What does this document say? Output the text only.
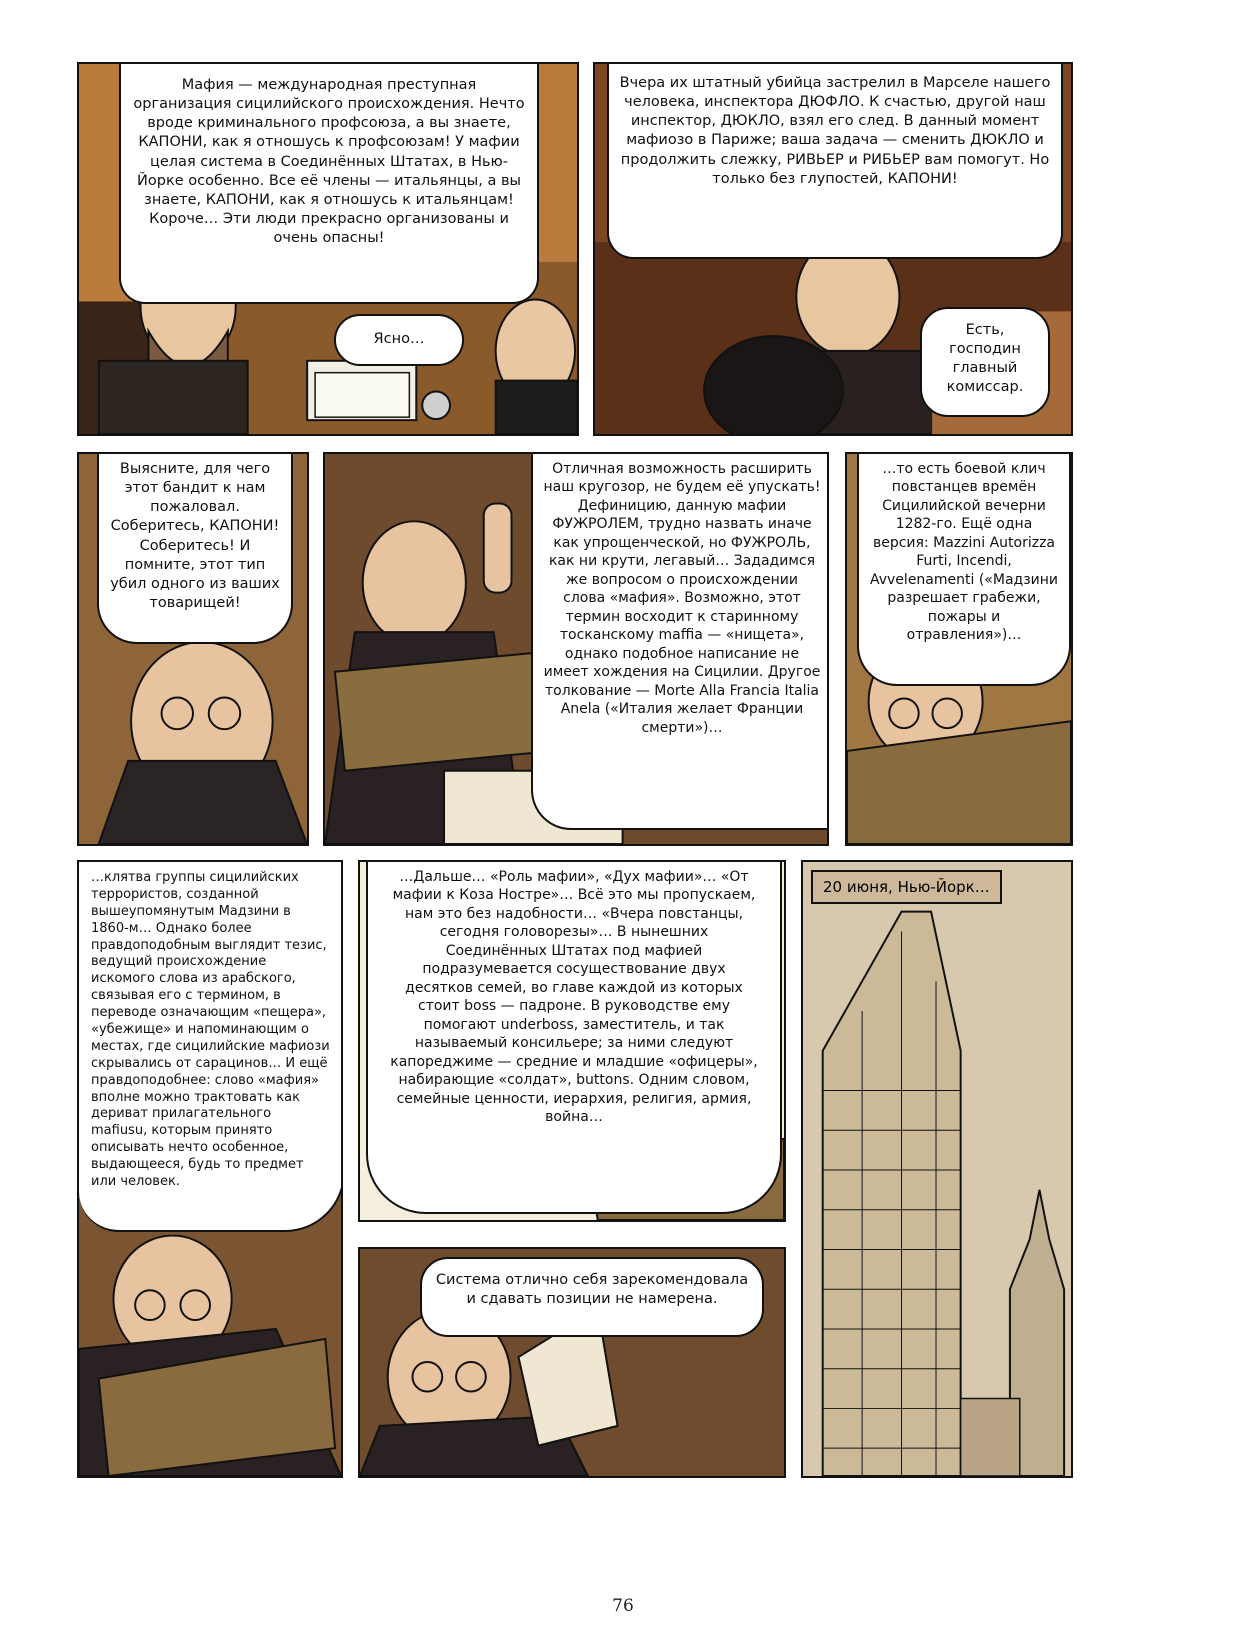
Мафия — международная преступная организация сицилийского происхождения. Нечто вроде криминального профсоюза, а вы знаете, КАПОНИ, как я отношусь к профсоюзам! У мафии целая система в Соединённых Штатах, в Нью-Йорке особенно. Все её члены — итальянцы, а вы знаете, КАПОНИ, как я отношусь к итальянцам! Короче… Эти люди прекрасно организованы и очень опасны!
Ясно…
Вчера их штатный убийца застрелил в Марселе нашего человека, инспектора ДЮФЛО. К счастью, другой наш инспектор, ДЮКЛО, взял его след. В данный момент мафиозо в Париже; ваша задача — сменить ДЮКЛО и продолжить слежку, РИВЬЕР и РИБЬЕР вам помогут. Но только без глупостей, КАПОНИ!
Есть, господин главный комиссар.
Выясните, для чего этот бандит к нам пожаловал. Соберитесь, КАПОНИ! Соберитесь! И помните, этот тип убил одного из ваших товарищей!
Отличная возможность расширить наш кругозор, не будем её упускать! Дефиницию, данную мафии ФУЖРОЛЕМ, трудно назвать иначе как упрощенческой, но ФУЖРОЛЬ, как ни крути, легавый… Зададимся же вопросом о происхождении слова «мафия». Возможно, этот термин восходит к старинному тосканскому maffia — «нищета», однако подобное написание не имеет хождения на Сицилии. Другое толкование — Morte Alla Francia Italia Anela («Италия желает Франции смерти»)…
…то есть боевой клич повстанцев времён Сицилийской вечерни 1282-го. Ещё одна версия: Mazzini Autorizza Furti, Incendi, Avvelenamenti («Мадзини разрешает грабежи, пожары и отравления»)…
…клятва группы сицилийских террористов, созданной вышеупомянутым Мадзини в 1860-м… Однако более правдоподобным выглядит тезис, ведущий происхождение искомого слова из арабского, связывая его с термином, в переводе означающим «пещера», «убежище» и напоминающим о местах, где сицилийские мафиози скрывались от сарацинов… И ещё правдоподобнее: слово «мафия» вполне можно трактовать как дериват прилагательного mafiusu, которым принято описывать нечто особенное, выдающееся, будь то предмет или человек.
…Дальше… «Роль мафии», «Дух мафии»… «От мафии к Коза Ностре»… Всё это мы пропускаем, нам это без надобности… «Вчера повстанцы, сегодня головорезы»… В нынешних Соединённых Штатах под мафией подразумевается сосуществование двух десятков семей, во главе каждой из которых стоит boss — падроне. В руководстве ему помогают underboss, заместитель, и так называемый консильере; за ними следуют капореджиме — средние и младшие «офицеры», набирающие «солдат», buttons. Одним словом, семейные ценности, иерархия, религия, армия, война…
Система отлично себя зарекомендовала и сдавать позиции не намерена.
20 июня, Нью-Йорк…
76
